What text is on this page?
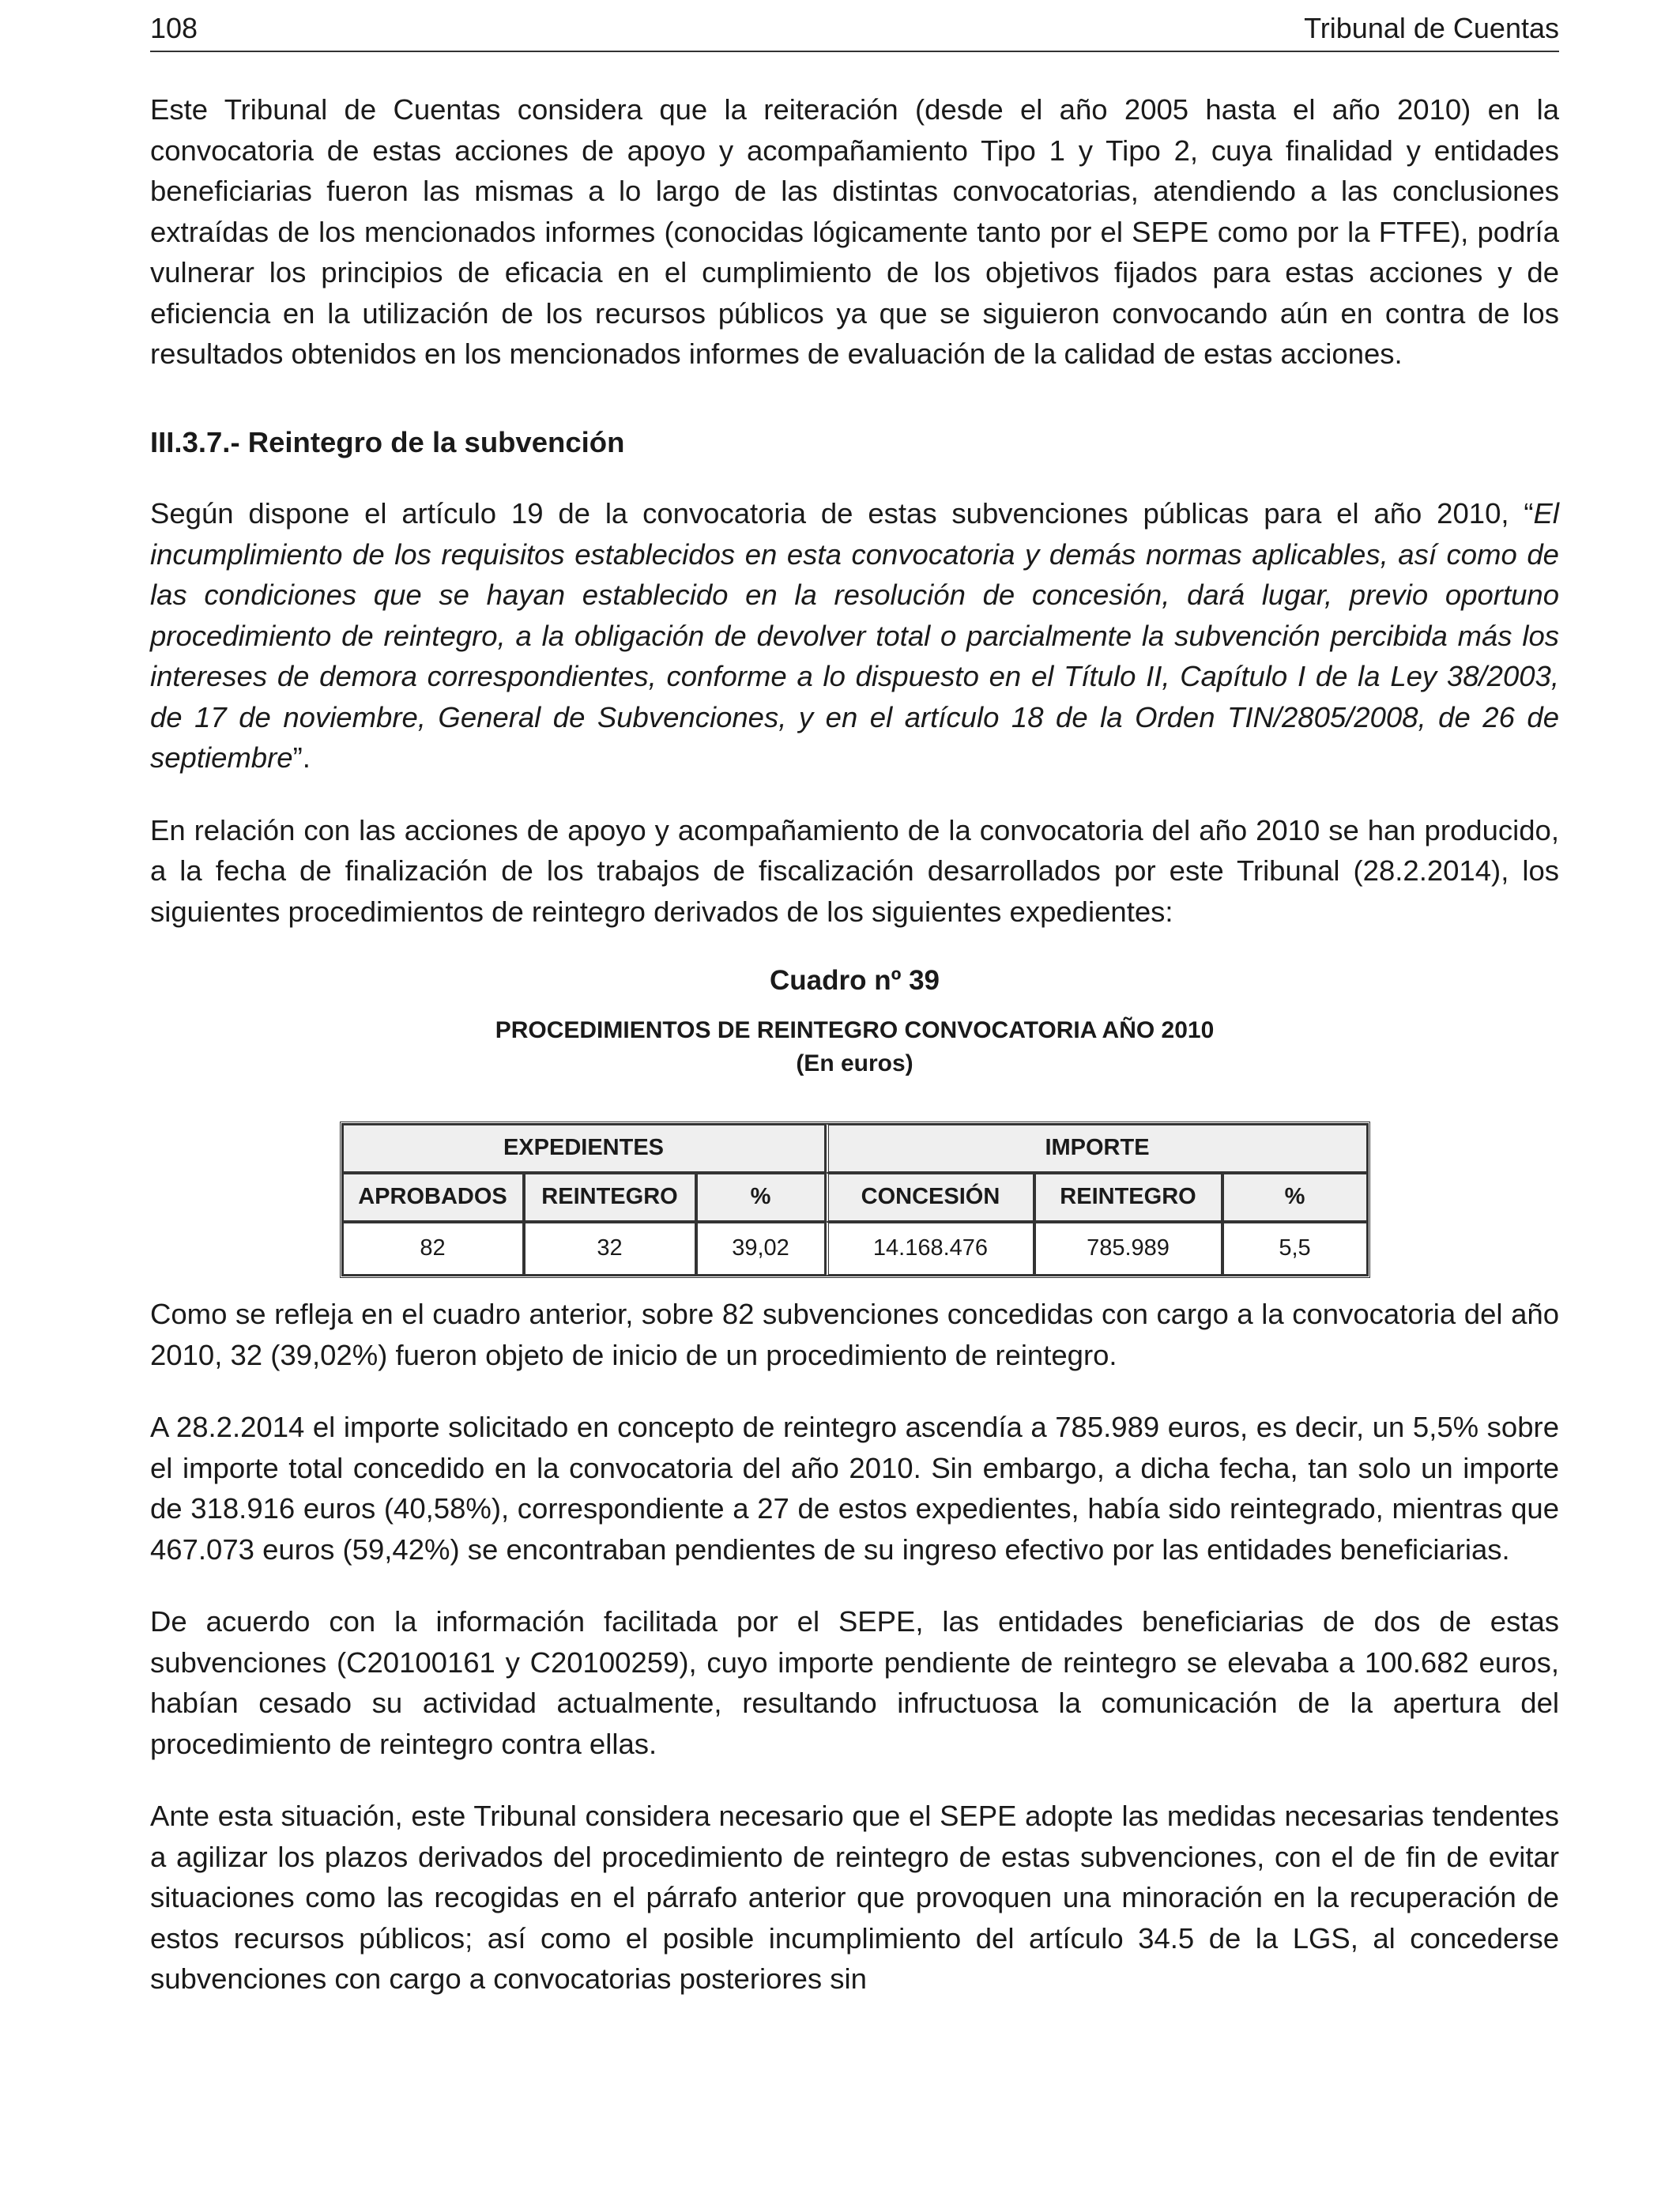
108	Tribunal de Cuentas

Este Tribunal de Cuentas considera que la reiteración (desde el año 2005 hasta el año 2010) en la convocatoria de estas acciones de apoyo y acompañamiento Tipo 1 y Tipo 2, cuya finalidad y entidades beneficiarias fueron las mismas a lo largo de las distintas convocatorias, atendiendo a las conclusiones extraídas de los mencionados informes (conocidas lógicamente tanto por el SEPE como por la FTFE), podría vulnerar los principios de eficacia en el cumplimiento de los objetivos fijados para estas acciones y de eficiencia en la utilización de los recursos públicos ya que se siguieron convocando aún en contra de los resultados obtenidos en los mencionados informes de evaluación de la calidad de estas acciones.

III.3.7.- Reintegro de la subvención

Según dispone el artículo 19 de la convocatoria de estas subvenciones públicas para el año 2010, “El incumplimiento de los requisitos establecidos en esta convocatoria y demás normas aplicables, así como de las condiciones que se hayan establecido en la resolución de concesión, dará lugar, previo oportuno procedimiento de reintegro, a la obligación de devolver total o parcialmente la subvención percibida más los intereses de demora correspondientes, conforme a lo dispuesto en el Título II, Capítulo I de la Ley 38/2003, de 17 de noviembre, General de Subvenciones, y en el artículo 18 de la Orden TIN/2805/2008, de 26 de septiembre”.

En relación con las acciones de apoyo y acompañamiento de la convocatoria del año 2010 se han producido, a la fecha de finalización de los trabajos de fiscalización desarrollados por este Tribunal (28.2.2014), los siguientes procedimientos de reintegro derivados de los siguientes expedientes:

Cuadro nº 39
PROCEDIMIENTOS DE REINTEGRO CONVOCATORIA AÑO 2010
(En euros)
EXPEDIENTES			IMPORTE		
APROBADOS	REINTEGRO	%	CONCESIÓN	REINTEGRO	%
82	32	39,02	14.168.476	785.989	5,5

Como se refleja en el cuadro anterior, sobre 82 subvenciones concedidas con cargo a la convocatoria del año 2010, 32 (39,02%) fueron objeto de inicio de un procedimiento de reintegro.

A 28.2.2014 el importe solicitado en concepto de reintegro ascendía a 785.989 euros, es decir, un 5,5% sobre el importe total concedido en la convocatoria del año 2010. Sin embargo, a dicha fecha, tan solo un importe de 318.916 euros (40,58%), correspondiente a 27 de estos expedientes, había sido reintegrado, mientras que 467.073 euros (59,42%) se encontraban pendientes de su ingreso efectivo por las entidades beneficiarias.

De acuerdo con la información facilitada por el SEPE, las entidades beneficiarias de dos de estas subvenciones (C20100161 y C20100259), cuyo importe pendiente de reintegro se elevaba a 100.682 euros, habían cesado su actividad actualmente, resultando infructuosa la comunicación de la apertura del procedimiento de reintegro contra ellas.

Ante esta situación, este Tribunal considera necesario que el SEPE adopte las medidas necesarias tendentes a agilizar los plazos derivados del procedimiento de reintegro de estas subvenciones, con el de fin de evitar situaciones como las recogidas en el párrafo anterior que provoquen una minoración en la recuperación de estos recursos públicos; así como el posible incumplimiento del artículo 34.5 de la LGS, al concederse subvenciones con cargo a convocatorias posteriores sin
